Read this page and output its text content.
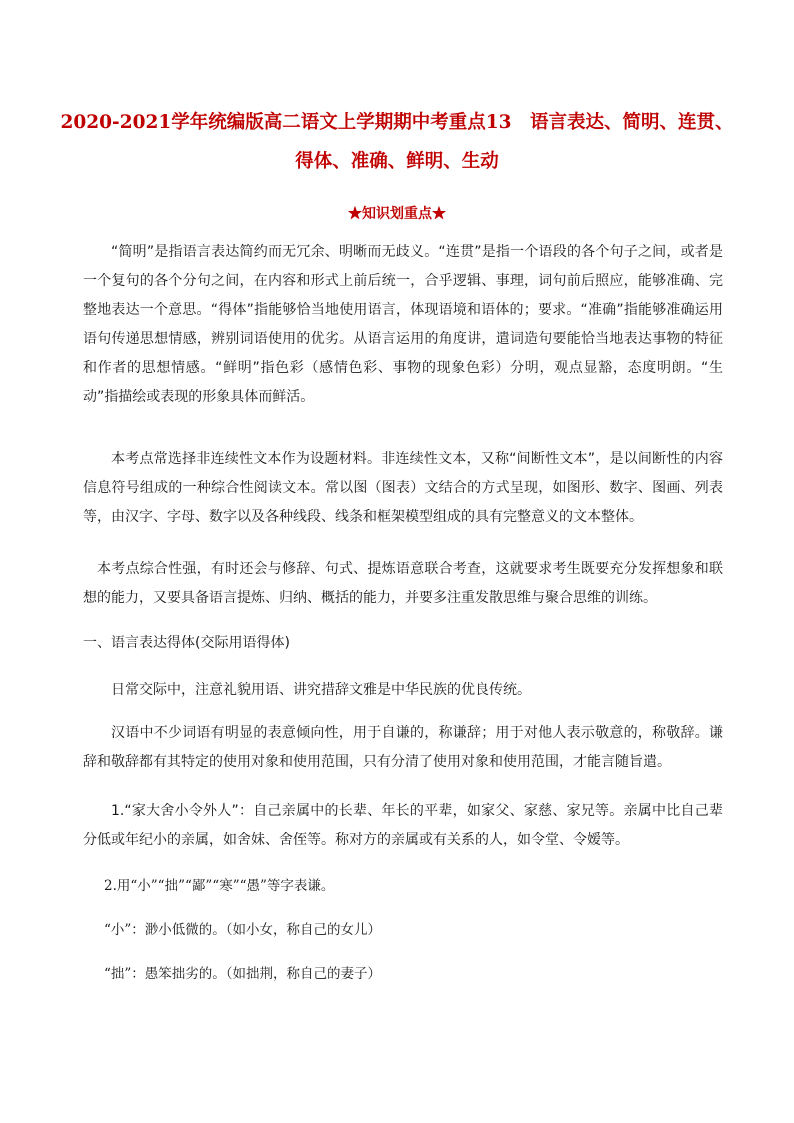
2020-2021学年统编版高二语文上学期期中考重点13　语言表达、简明、连贯、
得体、准确、鲜明、生动
★知识划重点★
“简明”是指语言表达简约而无冗余、明晰而无歧义。“连贯”是指一个语段的各个句子之间，或者是一个复句的各个分句之间，在内容和形式上前后统一，合乎逻辑、事理，词句前后照应，能够准确、完整地表达一个意思。“得体”指能够恰当地使用语言，体现语境和语体的；要求。“准确”指能够准确运用语句传递思想情感，辨别词语使用的优劣。从语言运用的角度讲，遣词造句要能恰当地表达事物的特征和作者的思想情感。“鲜明”指色彩（感情色彩、事物的现象色彩）分明，观点显豁，态度明朗。“生动”指描绘或表现的形象具体而鲜活。
本考点常选择非连续性文本作为设题材料。非连续性文本，又称“间断性文本”，是以间断性的内容信息符号组成的一种综合性阅读文本。常以图（图表）文结合的方式呈现，如图形、数字、图画、列表等，由汉字、字母、数字以及各种线段、线条和框架模型组成的具有完整意义的文本整体。
本考点综合性强，有时还会与修辞、句式、提炼语意联合考查，这就要求考生既要充分发挥想象和联想的能力，又要具备语言提炼、归纳、概括的能力，并要多注重发散思维与聚合思维的训练。
一、语言表达得体(交际用语得体)
日常交际中，注意礼貌用语、讲究措辞文雅是中华民族的优良传统。
汉语中不少词语有明显的表意倾向性，用于自谦的，称谦辞；用于对他人表示敬意的，称敬辞。谦辞和敬辞都有其特定的使用对象和使用范围，只有分清了使用对象和使用范围，才能言随旨遣。
1.“家大舍小令外人”：自己亲属中的长辈、年长的平辈，如家父、家慈、家兄等。亲属中比自己辈分低或年纪小的亲属，如舍妹、舍侄等。称对方的亲属或有关系的人，如令堂、令嫒等。
2.用“小”“拙”“鄙”“寒”“愚”等字表谦。
“小”：渺小低微的。（如小女，称自己的女儿）
“拙”：愚笨拙劣的。（如拙荆，称自己的妻子）
